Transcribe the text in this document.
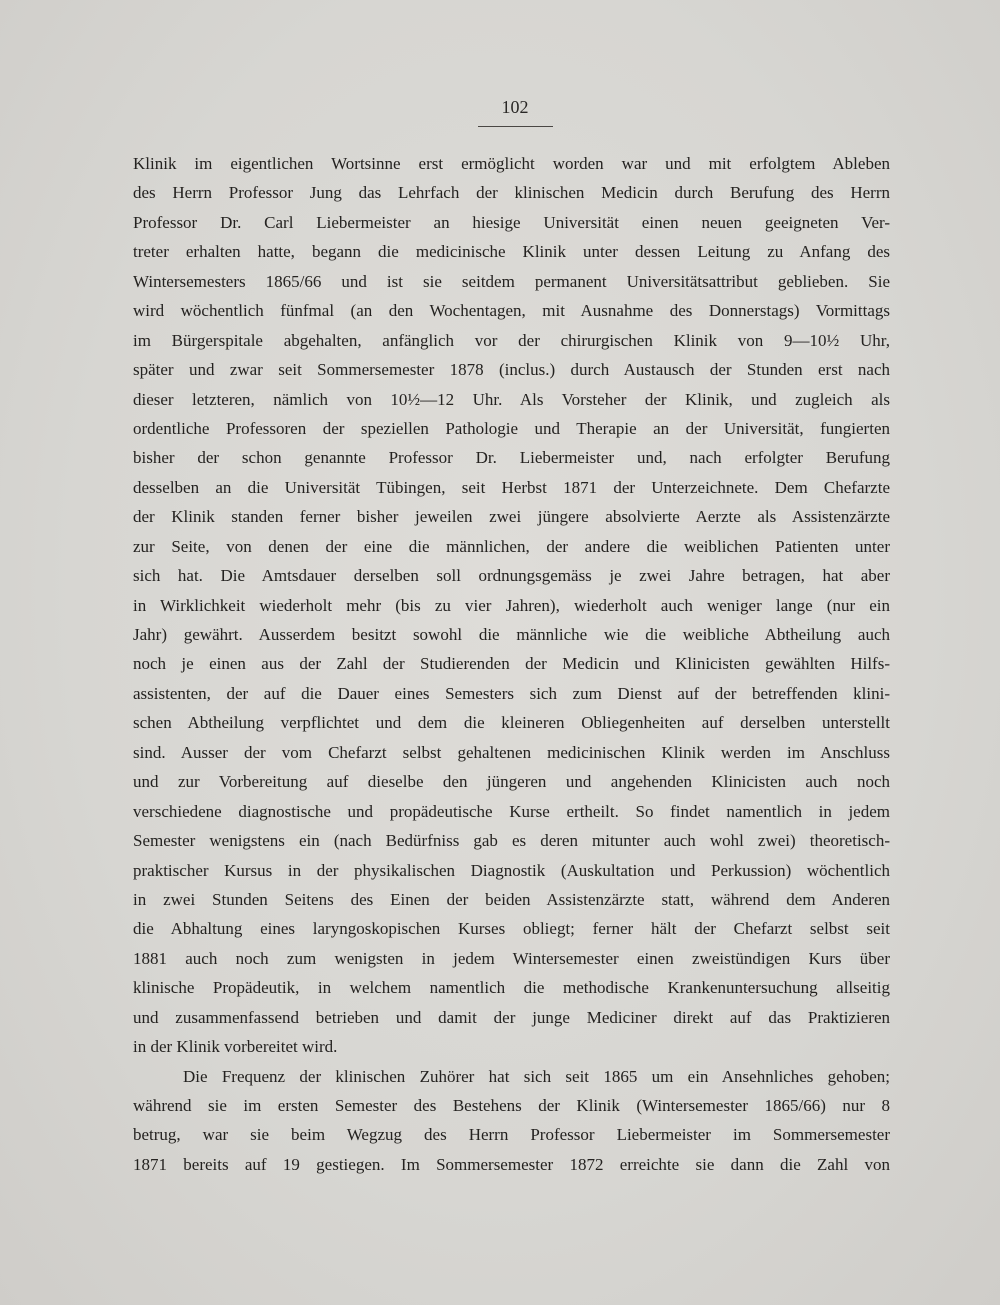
102
Klinik im eigentlichen Wortsinne erst ermöglicht worden war und mit erfolgtem Ableben
des Herrn Professor Jung das Lehrfach der klinischen Medicin durch Berufung des Herrn
Professor Dr. Carl Liebermeister an hiesige Universität einen neuen geeigneten Ver-
treter erhalten hatte, begann die medicinische Klinik unter dessen Leitung zu Anfang des
Wintersemesters 1865/66 und ist sie seitdem permanent Universitätsattribut geblieben. Sie
wird wöchentlich fünfmal (an den Wochentagen, mit Ausnahme des Donnerstags) Vormittags
im Bürgerspitale abgehalten, anfänglich vor der chirurgischen Klinik von 9—10½ Uhr,
später und zwar seit Sommersemester 1878 (inclus.) durch Austausch der Stunden erst nach
dieser letzteren, nämlich von 10½—12 Uhr. Als Vorsteher der Klinik, und zugleich als
ordentliche Professoren der speziellen Pathologie und Therapie an der Universität, fungierten
bisher der schon genannte Professor Dr. Liebermeister und, nach erfolgter Berufung
desselben an die Universität Tübingen, seit Herbst 1871 der Unterzeichnete. Dem Chefarzte
der Klinik standen ferner bisher jeweilen zwei jüngere absolvierte Aerzte als Assistenzärzte
zur Seite, von denen der eine die männlichen, der andere die weiblichen Patienten unter
sich hat. Die Amtsdauer derselben soll ordnungsgemäss je zwei Jahre betragen, hat aber
in Wirklichkeit wiederholt mehr (bis zu vier Jahren), wiederholt auch weniger lange (nur ein
Jahr) gewährt. Ausserdem besitzt sowohl die männliche wie die weibliche Abtheilung auch
noch je einen aus der Zahl der Studierenden der Medicin und Klinicisten gewählten Hilfs-
assistenten, der auf die Dauer eines Semesters sich zum Dienst auf der betreffenden klini-
schen Abtheilung verpflichtet und dem die kleineren Obliegenheiten auf derselben unterstellt
sind. Ausser der vom Chefarzt selbst gehaltenen medicinischen Klinik werden im Anschluss
und zur Vorbereitung auf dieselbe den jüngeren und angehenden Klinicisten auch noch
verschiedene diagnostische und propädeutische Kurse ertheilt. So findet namentlich in jedem
Semester wenigstens ein (nach Bedürfniss gab es deren mitunter auch wohl zwei) theoretisch-
praktischer Kursus in der physikalischen Diagnostik (Auskultation und Perkussion) wöchentlich
in zwei Stunden Seitens des Einen der beiden Assistenzärzte statt, während dem Anderen
die Abhaltung eines laryngoskopischen Kurses obliegt; ferner hält der Chefarzt selbst seit
1881 auch noch zum wenigsten in jedem Wintersemester einen zweistündigen Kurs über
klinische Propädeutik, in welchem namentlich die methodische Krankenuntersuchung allseitig
und zusammenfassend betrieben und damit der junge Mediciner direkt auf das Praktizieren
in der Klinik vorbereitet wird.
Die Frequenz der klinischen Zuhörer hat sich seit 1865 um ein Ansehnliches gehoben;
während sie im ersten Semester des Bestehens der Klinik (Wintersemester 1865/66) nur 8
betrug, war sie beim Wegzug des Herrn Professor Liebermeister im Sommersemester
1871 bereits auf 19 gestiegen. Im Sommersemester 1872 erreichte sie dann die Zahl von
